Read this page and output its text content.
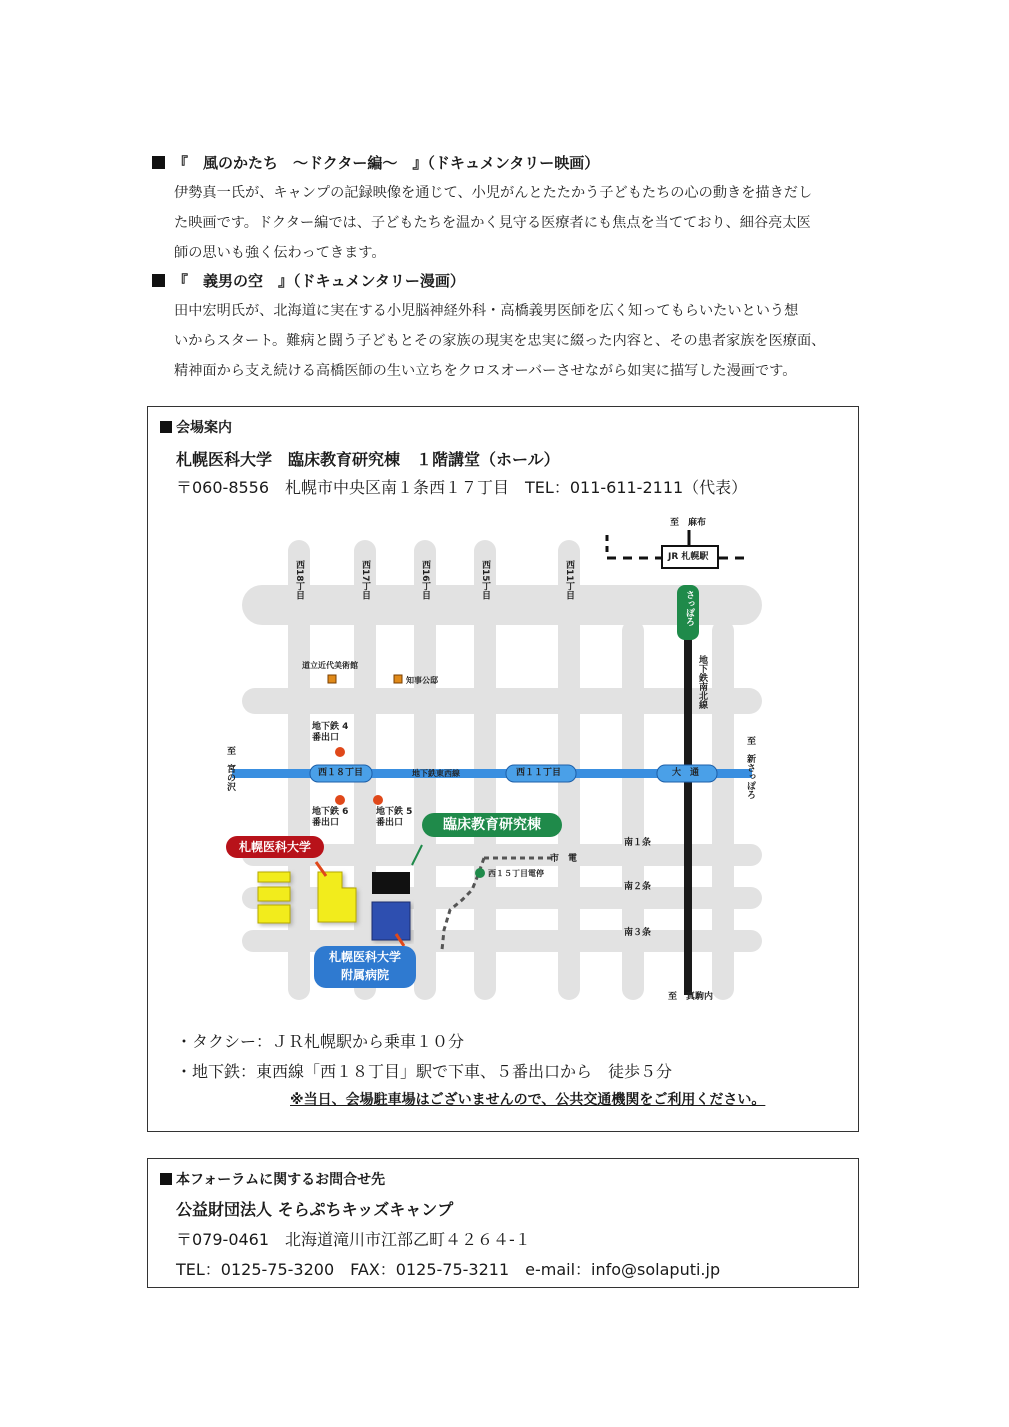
『　風のかたち　～ドクター編～　』（ドキュメンタリー映画）
伊勢真一氏が、キャンプの記録映像を通じて、小児がんとたたかう子どもたちの心の動きを描きだし
た映画です。ドクター編では、子どもたちを温かく見守る医療者にも焦点を当てており、細谷亮太医
師の思いも強く伝わってきます。
『　義男の空　』（ドキュメンタリー漫画）
田中宏明氏が、北海道に実在する小児脳神経外科・高橋義男医師を広く知ってもらいたいという想
いからスタート。難病と闘う子どもとその家族の現実を忠実に綴った内容と、その患者家族を医療面、
精神面から支え続ける高橋医師の生い立ちをクロスオーバーさせながら如実に描写した漫画です。
会場案内
札幌医科大学　臨床教育研究棟　１階講堂（ホール）
〒060-8556　札幌市中央区南１条西１７丁目　TEL：011-611-2111（代表）
・タクシー：ＪＲ札幌駅から乗車１０分
・地下鉄：東西線「西１８丁目」駅で下車、５番出口から　徒歩５分
※当日、会場駐車場はございませんので、公共交通機関をご利用ください。
西18丁目	西17丁目	西16丁目	西15丁目	西11丁目
至　麻布
JR 札幌駅
さっぽろ
地下鉄南北線
道立近代美術館
知事公邸
地下鉄 4番出口
地下鉄 6番出口
地下鉄 5番出口
至　宮の沢	至　新さっぽろ
西１８丁目	地下鉄東西線	西１１丁目	大　通
臨床教育研究棟
札幌医科大学
市　電
西１５丁目電停
南１条
南２条
南３条
札幌医科大学
附属病院
至　真駒内
本フォーラムに関するお問合せ先
公益財団法人 そらぷちキッズキャンプ
〒079-0461　北海道滝川市江部乙町４２６４-１
TEL：0125-75-3200　FAX：0125-75-3211　e-mail：info@solaputi.jp
